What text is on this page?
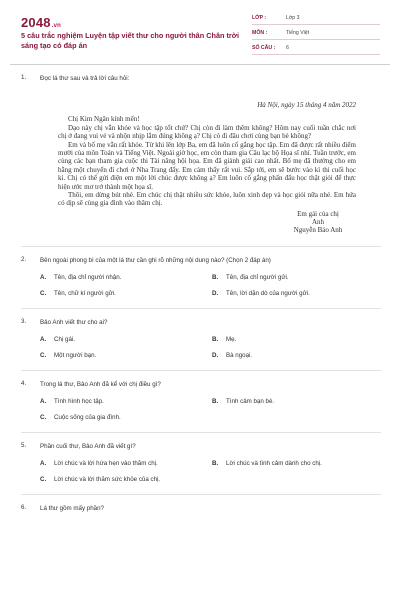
2048.vn
5 câu trắc nghiệm Luyện tập viết thư cho người thân Chân trời sáng tạo có đáp án
LỚP :	Lớp 3
MÔN :	Tiếng Việt
SỐ CÂU :	6
1. Đọc lá thư sau và trả lời câu hỏi:
Hà Nội, ngày 15 tháng 4 năm 2022
Chị Kim Ngân kính mến!

Dạo này chị vẫn khỏe và học tập tốt chứ? Chị còn đi làm thêm không? Hôm nay cuối tuần chắc nơi chị ở đang vui vẻ và nhộn nhịp lắm đúng không ạ? Chị có đi đâu chơi cùng bạn bè không?

Em và bố mẹ vẫn rất khỏe. Từ khi lên lớp Ba, em đã luôn cố gắng học tập. Em đã được rất nhiều điểm mười của môn Toán và Tiếng Việt. Ngoài giờ học, em còn tham gia Câu lạc bộ Họa sĩ nhí. Tuần trước, em cùng các bạn tham gia cuộc thi Tài năng hội họa. Em đã giành giải cao nhất. Bố mẹ đã thưởng cho em bằng một chuyến đi chơi ở Nha Trang đấy. Em cảm thấy rất vui. Sắp tới, em sẽ bước vào kì thi cuối học kì. Chị có thể gửi điện em một lời chúc được không ạ? Em luôn cố gắng phấn đấu học thật giỏi để thực hiện ước mơ trở thành một họa sĩ.

Thôi, em dừng bút nhé. Em chúc chị thật nhiều sức khỏe, luôn xinh đẹp và học giỏi nữa nhé. Em hứa có dịp sẽ cùng gia đình vào thăm chị.

Em gái của chị
Anh
Nguyễn Bảo Anh
2. Bên ngoài phong bì của một lá thư cần ghi rõ những nội dung nào? (Chọn 2 đáp án)
A.	Tên, địa chỉ người nhận.	B.	Tên, địa chỉ người gửi.
C.	Tên, chữ kí người gửi.	D.	Tên, lời dặn dò của người gửi.
3. Bảo Anh viết thư cho ai?
A.	Chị gái.	B.	Mẹ.
C.	Một người bạn.	D.	Bà ngoại.
4. Trong lá thư, Bảo Anh đã kể với chị điều gì?
A.	Tình hình học tập.	B.	Tình cảm bạn bè.
C.	Cuộc sống của gia đình.
5. Phần cuối thư, Bảo Anh đã viết gì?
A.	Lời chúc và lời hứa hẹn vào thăm chị.	B.	Lời chúc và tình cảm dành cho chị.
C.	Lời chúc và lời thăm sức khỏe của chị.
6. Lá thư gồm mấy phần?
